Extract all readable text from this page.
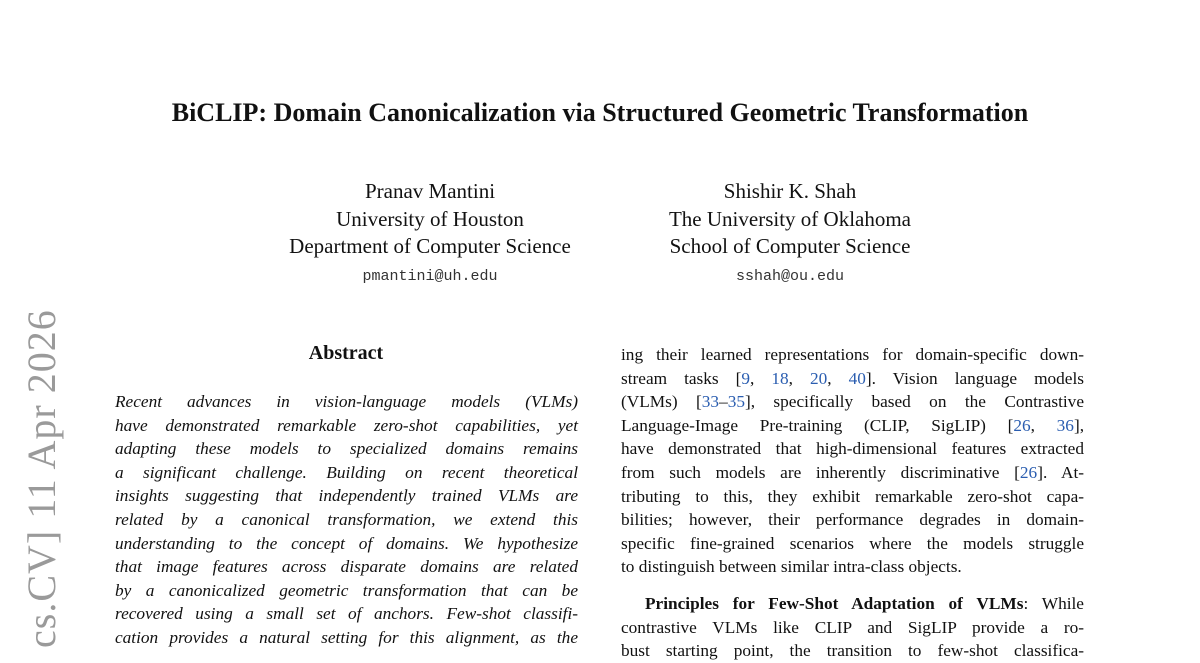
cs.CV] 11 Apr 2026
BiCLIP: Domain Canonicalization via Structured Geometric Transformation
Pranav Mantini
University of Houston
Department of Computer Science
pmantini@uh.edu
Shishir K. Shah
The University of Oklahoma
School of Computer Science
sshah@ou.edu
Abstract
Recent advances in vision-language models (VLMs)
have demonstrated remarkable zero-shot capabilities, yet
adapting these models to specialized domains remains
a significant challenge. Building on recent theoretical
insights suggesting that independently trained VLMs are
related by a canonical transformation, we extend this
understanding to the concept of domains. We hypothesize
that image features across disparate domains are related
by a canonicalized geometric transformation that can be
recovered using a small set of anchors. Few-shot classifi-
cation provides a natural setting for this alignment, as the
ing their learned representations for domain-specific down-
stream tasks [9, 18, 20, 40]. Vision language models
(VLMs) [33–35], specifically based on the Contrastive
Language-Image Pre-training (CLIP, SigLIP) [26, 36],
have demonstrated that high-dimensional features extracted
from such models are inherently discriminative [26]. At-
tributing to this, they exhibit remarkable zero-shot capa-
bilities; however, their performance degrades in domain-
specific fine-grained scenarios where the models struggle
to distinguish between similar intra-class objects.
Principles for Few-Shot Adaptation of VLMs: While
contrastive VLMs like CLIP and SigLIP provide a ro-
bust starting point, the transition to few-shot classifica-
